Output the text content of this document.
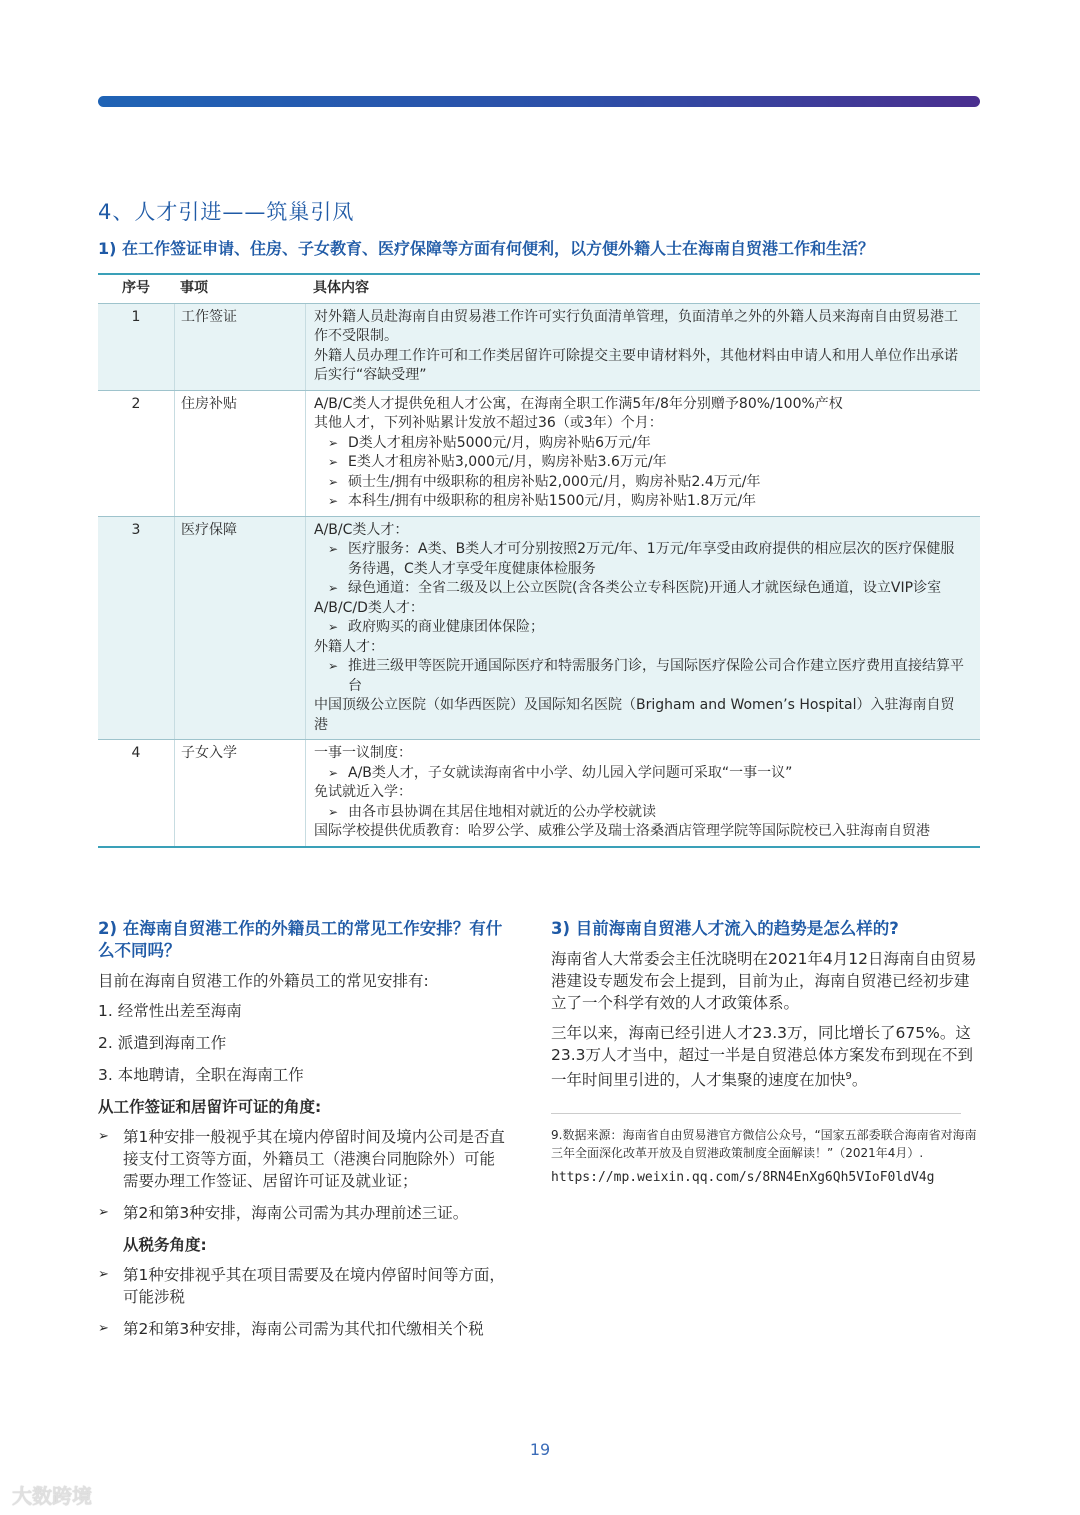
4、人才引进——筑巢引凤
1) 在工作签证申请、住房、子女教育、医疗保障等方面有何便利，以方便外籍人士在海南自贸港工作和生活？
序号	事项	具体内容
1	工作签证	对外籍人员赴海南自由贸易港工作许可实行负面清单管理，负面清单之外的外籍人员来海南自由贸易港工作不受限制。
外籍人员办理工作许可和工作类居留许可除提交主要申请材料外，其他材料由申请人和用人单位作出承诺后实行“容缺受理”
2	住房补贴	A/B/C类人才提供免租人才公寓，在海南全职工作满5年/8年分别赠予80%/100%产权
其他人才，下列补贴累计发放不超过36（或3年）个月：
➢ D类人才租房补贴5000元/月，购房补贴6万元/年
➢ E类人才租房补贴3,000元/月，购房补贴3.6万元/年
➢ 硕士生/拥有中级职称的租房补贴2,000元/月，购房补贴2.4万元/年
➢ 本科生/拥有中级职称的租房补贴1500元/月，购房补贴1.8万元/年
3	医疗保障	A/B/C类人才：
➢ 医疗服务：A类、B类人才可分别按照2万元/年、1万元/年享受由政府提供的相应层次的医疗保健服务待遇，C类人才享受年度健康体检服务
➢ 绿色通道：全省二级及以上公立医院(含各类公立专科医院)开通人才就医绿色通道，设立VIP诊室
A/B/C/D类人才：
➢ 政府购买的商业健康团体保险；
外籍人才：
➢ 推进三级甲等医院开通国际医疗和特需服务门诊，与国际医疗保险公司合作建立医疗费用直接结算平台
中国顶级公立医院（如华西医院）及国际知名医院（Brigham and Women’s Hospital）入驻海南自贸港
4	子女入学	一事一议制度：
➢ A/B类人才，子女就读海南省中小学、幼儿园入学问题可采取“一事一议”
免试就近入学：
➢ 由各市县协调在其居住地相对就近的公办学校就读
国际学校提供优质教育：哈罗公学、威雅公学及瑞士洛桑酒店管理学院等国际院校已入驻海南自贸港
2) 在海南自贸港工作的外籍员工的常见工作安排？有什么不同吗？

目前在海南自贸港工作的外籍员工的常见安排有:

1. 经常性出差至海南
2. 派遣到海南工作
3. 本地聘请，全职在海南工作
从工作签证和居留许可证的角度:
➢ 第1种安排一般视乎其在境内停留时间及境内公司是否直接支付工资等方面，外籍员工（港澳台同胞除外）可能需要办理工作签证、居留许可证及就业证；
➢ 第2和第3种安排，海南公司需为其办理前述三证。
从税务角度:
➢ 第1种安排视乎其在项目需要及在境内停留时间等方面，可能涉税
➢ 第2和第3种安排，海南公司需为其代扣代缴相关个税
3) 目前海南自贸港人才流入的趋势是怎么样的?

海南省人大常委会主任沈晓明在2021年4月12日海南自由贸易港建设专题发布会上提到，目前为止，海南自贸港已经初步建立了一个科学有效的人才政策体系。

三年以来，海南已经引进人才23.3万，同比增长了675%。这23.3万人才当中，超过一半是自贸港总体方案发布到现在不到一年时间里引进的，人才集聚的速度在加快$^9$。

9.数据来源：海南省自由贸易港官方微信公众号，“国家五部委联合海南省对海南三年全面深化改革开放及自贸港政策制度全面解读！”（2021年4月）.

https://mp.weixin.qq.com/s/8RN4EnXg6Qh5VIoF0ldV4g
19
大数跨境
